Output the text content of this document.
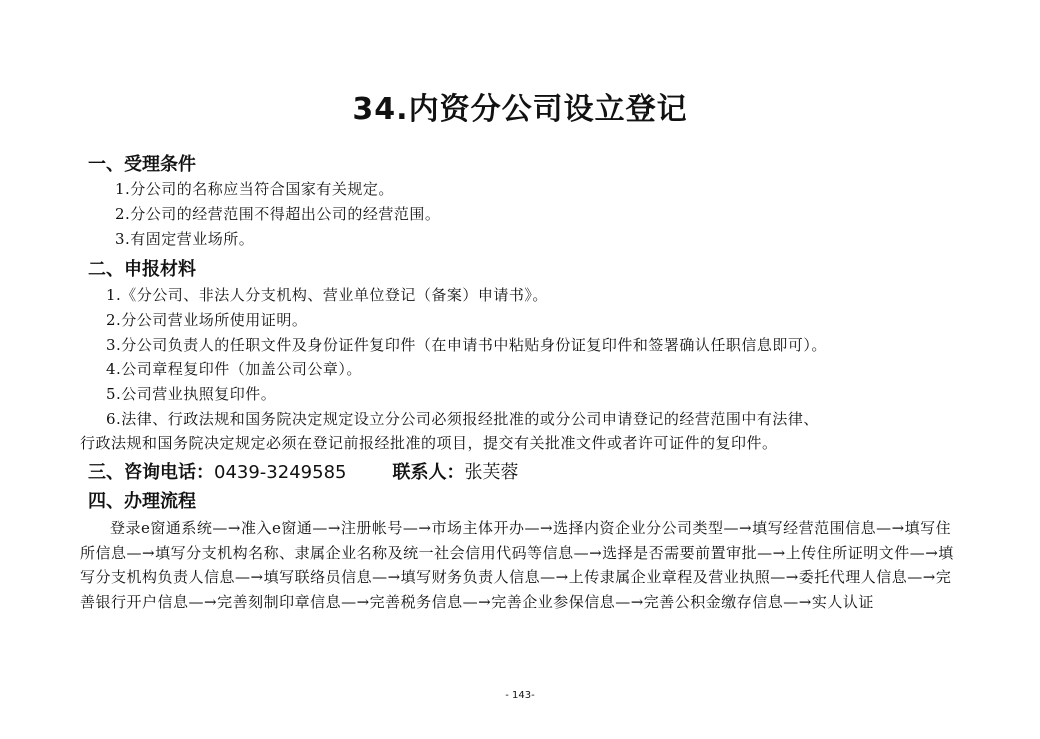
34.内资分公司设立登记
一、受理条件
1.分公司的名称应当符合国家有关规定。
2.分公司的经营范围不得超出公司的经营范围。
3.有固定营业场所。
二、申报材料
1.《分公司、非法人分支机构、营业单位登记（备案）申请书》。
2.分公司营业场所使用证明。
3.分公司负责人的任职文件及身份证件复印件（在申请书中粘贴身份证复印件和签署确认任职信息即可）。
4.公司章程复印件（加盖公司公章）。
5.公司营业执照复印件。
6.法律、行政法规和国务院决定规定设立分公司必须报经批准的或分公司申请登记的经营范围中有法律、
行政法规和国务院决定规定必须在登记前报经批准的项目，提交有关批准文件或者许可证件的复印件。
三、咨询电话：0439-3249585	联系人：张芙蓉
四、办理流程
登录e窗通系统—→准入e窗通—→注册帐号—→市场主体开办—→选择内资企业分公司类型—→填写经营范围信息—→填写住所信息—→填写分支机构名称、隶属企业名称及统一社会信用代码等信息—→选择是否需要前置审批—→上传住所证明文件—→填写分支机构负责人信息—→填写联络员信息—→填写财务负责人信息—→上传隶属企业章程及营业执照—→委托代理人信息—→完善银行开户信息—→完善刻制印章信息—→完善税务信息—→完善企业参保信息—→完善公积金缴存信息—→实人认证
- 143-
